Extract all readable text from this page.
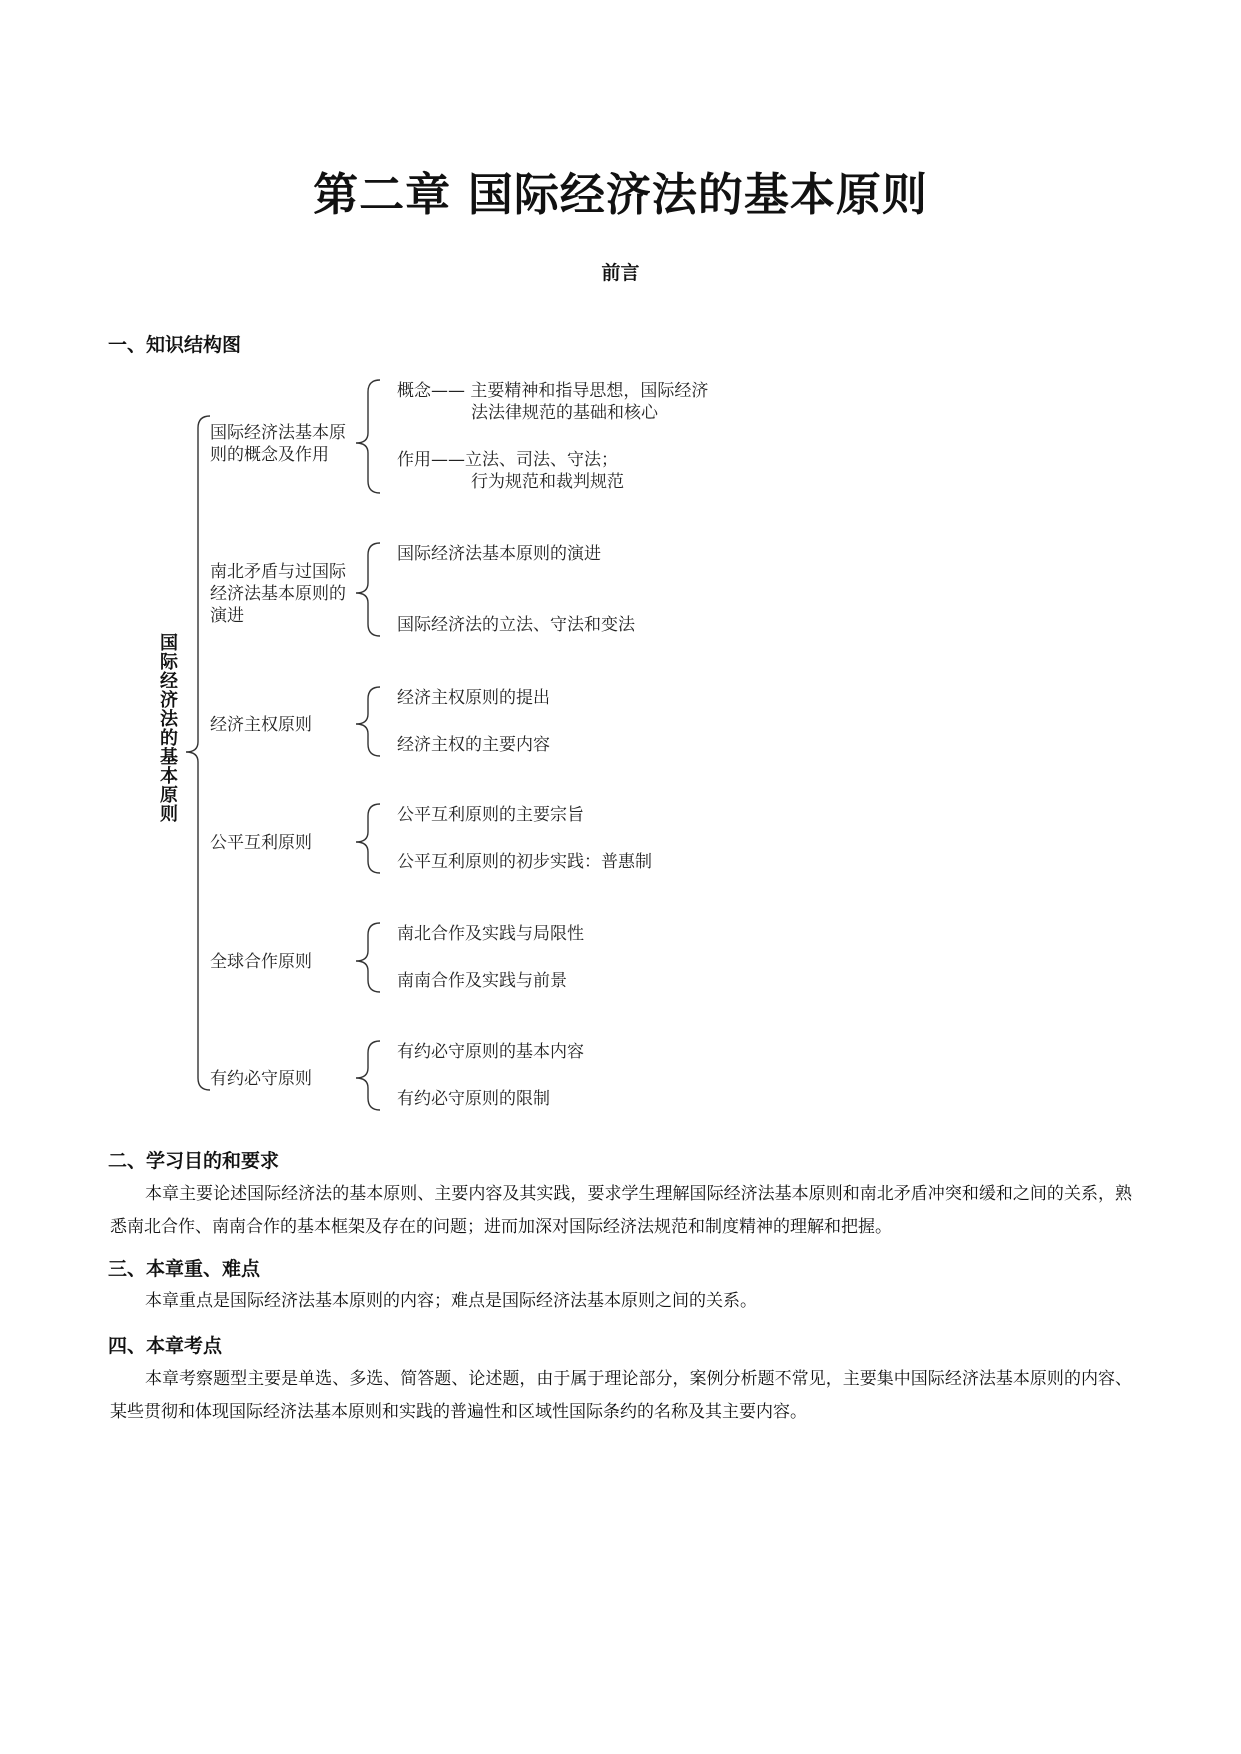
第二章 国际经济法的基本原则
前言
一、知识结构图
国际经济法的基本原则
国际经济法基本原则的概念及作用
概念—— 主要精神和指导思想，国际经济法法律规范的基础和核心
作用——立法、司法、守法；行为规范和裁判规范
南北矛盾与过国际经济法基本原则的演进
国际经济法基本原则的演进
国际经济法的立法、守法和变法
经济主权原则
经济主权原则的提出
经济主权的主要内容
公平互利原则
公平互利原则的主要宗旨
公平互利原则的初步实践：普惠制
全球合作原则
南北合作及实践与局限性
南南合作及实践与前景
有约必守原则
有约必守原则的基本内容
有约必守原则的限制
二、学习目的和要求
本章主要论述国际经济法的基本原则、主要内容及其实践，要求学生理解国际经济法基本原则和南北矛盾冲突和缓和之间的关系，熟悉南北合作、南南合作的基本框架及存在的问题；进而加深对国际经济法规范和制度精神的理解和把握。
三、本章重、难点
本章重点是国际经济法基本原则的内容；难点是国际经济法基本原则之间的关系。
四、本章考点
本章考察题型主要是单选、多选、简答题、论述题，由于属于理论部分，案例分析题不常见，主要集中国际经济法基本原则的内容、某些贯彻和体现国际经济法基本原则和实践的普遍性和区域性国际条约的名称及其主要内容。
